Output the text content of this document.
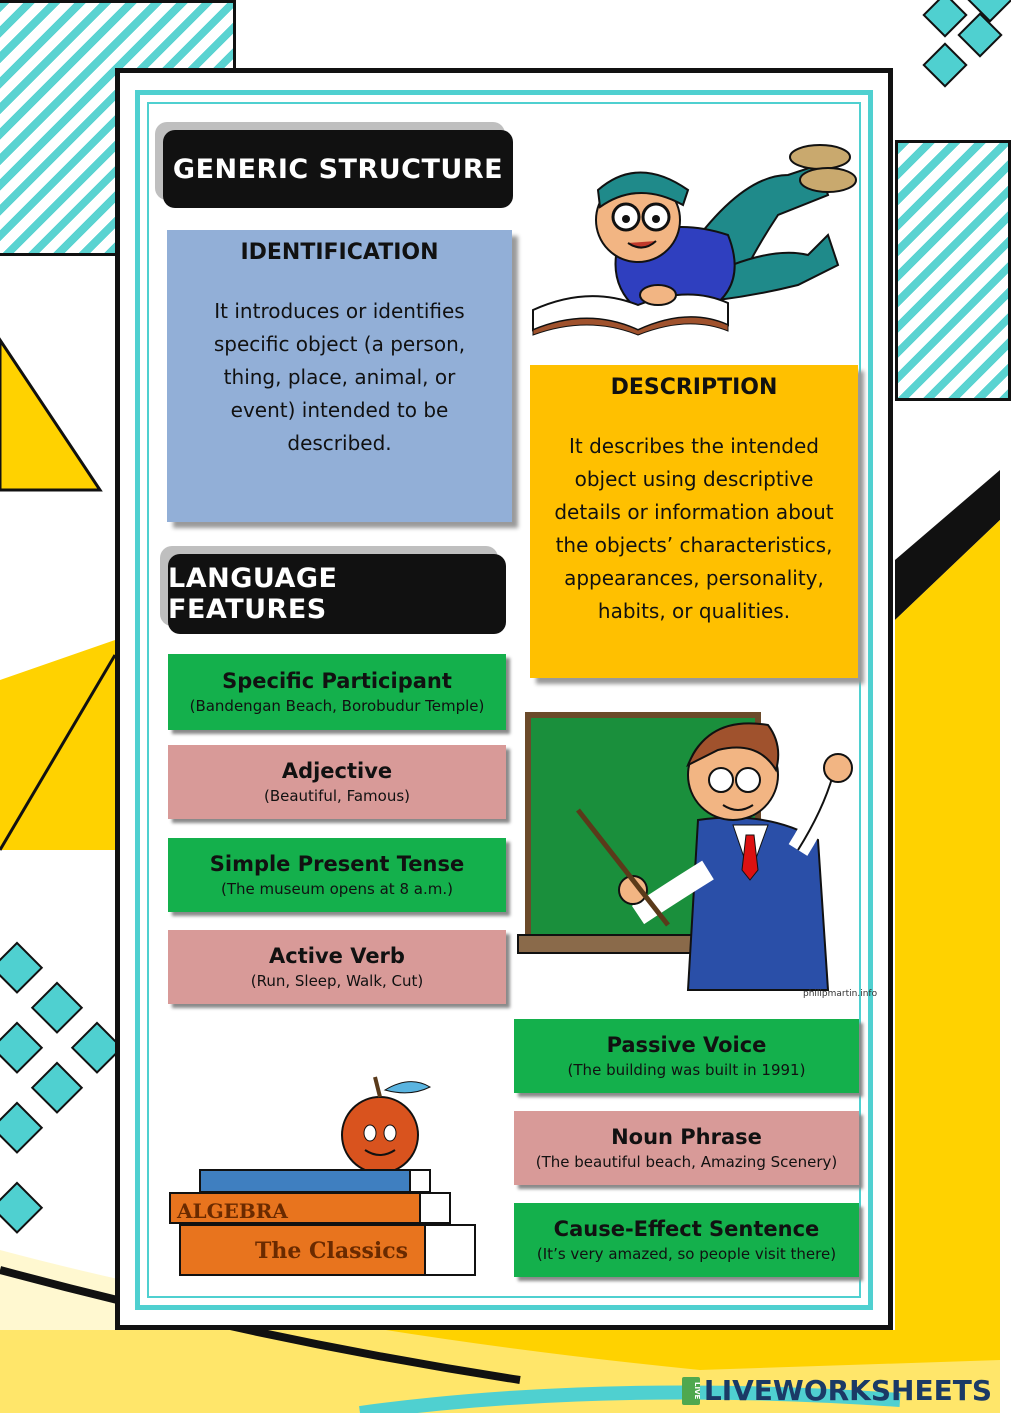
GENERIC STRUCTURE
IDENTIFICATION
It introduces or identifies specific object (a person, thing, place, animal, or event) intended to be described.
LANGUAGE FEATURES
DESCRIPTION
It describes the intended object using descriptive details or information about the objects’ characteristics, appearances, personality, habits, or qualities.
Specific Participant
(Bandengan Beach, Borobudur Temple)
Adjective
(Beautiful, Famous)
Simple Present Tense
(The museum opens at 8 a.m.)
Active Verb
(Run, Sleep, Walk, Cut)
Passive Voice
(The building was built in 1991)
Noun Phrase
(The beautiful beach, Amazing Scenery)
Cause-Effect Sentence
(It’s very amazed, so people visit there)
philipmartin.info
ALGEBRA
The Classics
LIVE LIVEWORKSHEETS
